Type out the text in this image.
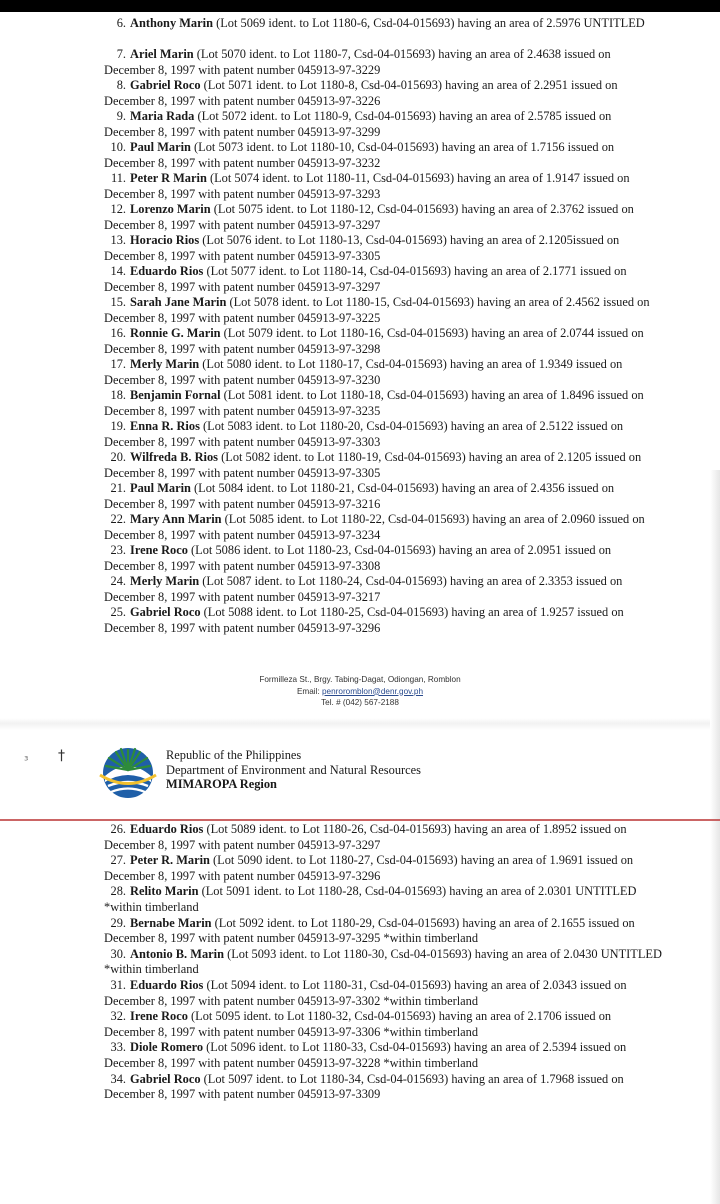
6. Anthony Marin (Lot 5069 ident. to Lot 1180-6, Csd-04-015693) having an area of 2.5976 UNTITLED
7. Ariel Marin (Lot 5070 ident. to Lot 1180-7, Csd-04-015693) having an area of 2.4638 issued on December 8, 1997 with patent number 045913-97-3229
8. Gabriel Roco (Lot 5071 ident. to Lot 1180-8, Csd-04-015693) having an area of 2.2951 issued on December 8, 1997 with patent number 045913-97-3226
9. Maria Rada (Lot 5072 ident. to Lot 1180-9, Csd-04-015693) having an area of 2.5785 issued on December 8, 1997 with patent number 045913-97-3299
10. Paul Marin (Lot 5073 ident. to Lot 1180-10, Csd-04-015693) having an area of 1.7156 issued on December 8, 1997 with patent number 045913-97-3232
11. Peter R Marin (Lot 5074 ident. to Lot 1180-11, Csd-04-015693) having an area of 1.9147 issued on December 8, 1997 with patent number 045913-97-3293
12. Lorenzo Marin (Lot 5075 ident. to Lot 1180-12, Csd-04-015693) having an area of 2.3762 issued on December 8, 1997 with patent number 045913-97-3297
13. Horacio Rios (Lot 5076 ident. to Lot 1180-13, Csd-04-015693) having an area of 2.1205issued on December 8, 1997 with patent number 045913-97-3305
14. Eduardo Rios (Lot 5077 ident. to Lot 1180-14, Csd-04-015693) having an area of 2.1771 issued on December 8, 1997 with patent number 045913-97-3297
15. Sarah Jane Marin (Lot 5078 ident. to Lot 1180-15, Csd-04-015693) having an area of 2.4562 issued on December 8, 1997 with patent number 045913-97-3225
16. Ronnie G. Marin (Lot 5079 ident. to Lot 1180-16, Csd-04-015693) having an area of 2.0744 issued on December 8, 1997 with patent number 045913-97-3298
17. Merly Marin (Lot 5080 ident. to Lot 1180-17, Csd-04-015693) having an area of 1.9349 issued on December 8, 1997 with patent number 045913-97-3230
18. Benjamin Fornal (Lot 5081 ident. to Lot 1180-18, Csd-04-015693) having an area of 1.8496 issued on December 8, 1997 with patent number 045913-97-3235
19. Enna R. Rios (Lot 5083 ident. to Lot 1180-20, Csd-04-015693) having an area of 2.5122 issued on December 8, 1997 with patent number 045913-97-3303
20. Wilfreda B. Rios (Lot 5082 ident. to Lot 1180-19, Csd-04-015693) having an area of 2.1205 issued on December 8, 1997 with patent number 045913-97-3305
21. Paul Marin (Lot 5084 ident. to Lot 1180-21, Csd-04-015693) having an area of 2.4356 issued on December 8, 1997 with patent number 045913-97-3216
22. Mary Ann Marin (Lot 5085 ident. to Lot 1180-22, Csd-04-015693) having an area of 2.0960 issued on December 8, 1997 with patent number 045913-97-3234
23. Irene Roco (Lot 5086 ident. to Lot 1180-23, Csd-04-015693) having an area of 2.0951 issued on December 8, 1997 with patent number 045913-97-3308
24. Merly Marin (Lot 5087 ident. to Lot 1180-24, Csd-04-015693) having an area of 2.3353 issued on December 8, 1997 with patent number 045913-97-3217
25. Gabriel Roco (Lot 5088 ident. to Lot 1180-25, Csd-04-015693) having an area of 1.9257 issued on December 8, 1997 with patent number 045913-97-3296
Formilleza St., Brgy. Tabing-Dagat, Odiongan, Romblon
Email: penroromblon@denr.gov.ph
Tel. # (042) 567-2188
³ †	Republic of the Philippines
Department of Environment and Natural Resources
MIMAROPA Region
26. Eduardo Rios (Lot 5089 ident. to Lot 1180-26, Csd-04-015693) having an area of 1.8952 issued on December 8, 1997 with patent number 045913-97-3297
27. Peter R. Marin (Lot 5090 ident. to Lot 1180-27, Csd-04-015693) having an area of 1.9691 issued on December 8, 1997 with patent number 045913-97-3296
28. Relito Marin (Lot 5091 ident. to Lot 1180-28, Csd-04-015693) having an area of 2.0301 UNTITLED *within timberland
29. Bernabe Marin (Lot 5092 ident. to Lot 1180-29, Csd-04-015693) having an area of 2.1655 issued on December 8, 1997 with patent number 045913-97-3295 *within timberland
30. Antonio B. Marin (Lot 5093 ident. to Lot 1180-30, Csd-04-015693) having an area of 2.0430 UNTITLED *within timberland
31. Eduardo Rios (Lot 5094 ident. to Lot 1180-31, Csd-04-015693) having an area of 2.0343 issued on December 8, 1997 with patent number 045913-97-3302 *within timberland
32. Irene Roco (Lot 5095 ident. to Lot 1180-32, Csd-04-015693) having an area of 2.1706 issued on December 8, 1997 with patent number 045913-97-3306 *within timberland
33. Diole Romero (Lot 5096 ident. to Lot 1180-33, Csd-04-015693) having an area of 2.5394 issued on December 8, 1997 with patent number 045913-97-3228 *within timberland
34. Gabriel Roco (Lot 5097 ident. to Lot 1180-34, Csd-04-015693) having an area of 1.7968 issued on December 8, 1997 with patent number 045913-97-3309
